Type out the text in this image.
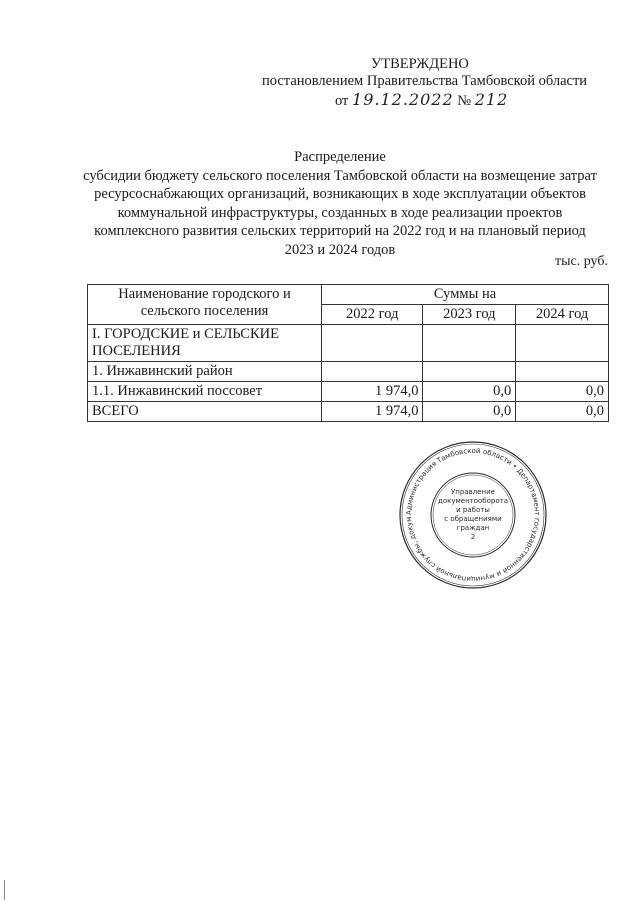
УТВЕРЖДЕНО
постановлением Правительства Тамбовской области
от 19.12.2022 № 212
Распределение
субсидии бюджету сельского поселения Тамбовской области на возмещение затрат ресурсоснабжающих организаций, возникающих в ходе эксплуатации объектов коммунальной инфраструктуры, созданных в ходе реализации проектов комплексного развития сельских территорий на 2022 год и на плановый период 2023 и 2024 годов
тыс. руб.
Наименование городского и сельского поселения	Суммы на		
	2022 год	2023 год	2024 год
I. ГОРОДСКИЕ и СЕЛЬСКИЕ ПОСЕЛЕНИЯ			
1. Инжавинский район			
1.1. Инжавинский поссовет	1 974,0	0,0	0,0
ВСЕГО	1 974,0	0,0	0,0
Администрация Тамбовской области • Департамент государственной и муниципальной службы, докум
Управление
документооборота
и работы
с обращениями
граждан
2
